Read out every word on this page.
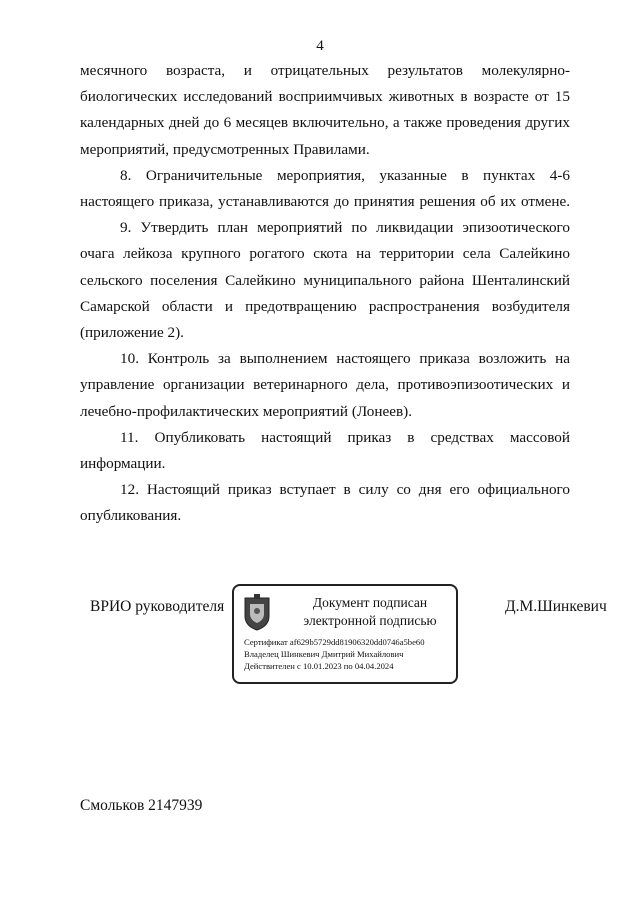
4

месячного возраста, и отрицательных результатов молекулярно-
биологических исследований восприимчивых животных в возрасте от 15
календарных дней до 6 месяцев включительно, а также проведения других
мероприятий, предусмотренных Правилами.

8. Ограничительные мероприятия, указанные в пунктах 4-6
настоящего приказа, устанавливаются до принятия решения об их отмене.

9. Утвердить план мероприятий по ликвидации эпизоотического
очага лейкоза крупного рогатого скота на территории села Салейкино
сельского поселения Салейкино муниципального района Шенталинский
Самарской области и предотвращению распространения возбудителя
(приложение 2).

10. Контроль за выполнением настоящего приказа возложить на
управление организации ветеринарного дела, противоэпизоотических и
лечебно-профилактических мероприятий (Лонеев).

11. Опубликовать настоящий приказ в средствах массовой
информации.

12. Настоящий приказ вступает в силу со дня его официального
опубликования.

ВРИО руководителя	Документ подписан
электронной подписью
Сертификат af629b5729dd81906320dd0746a5be60
Владелец Шинкевич Дмитрий Михайлович
Действителен с 10.01.2023 по 04.04.2024
Д.М.Шинкевич
Смольков 2147939
